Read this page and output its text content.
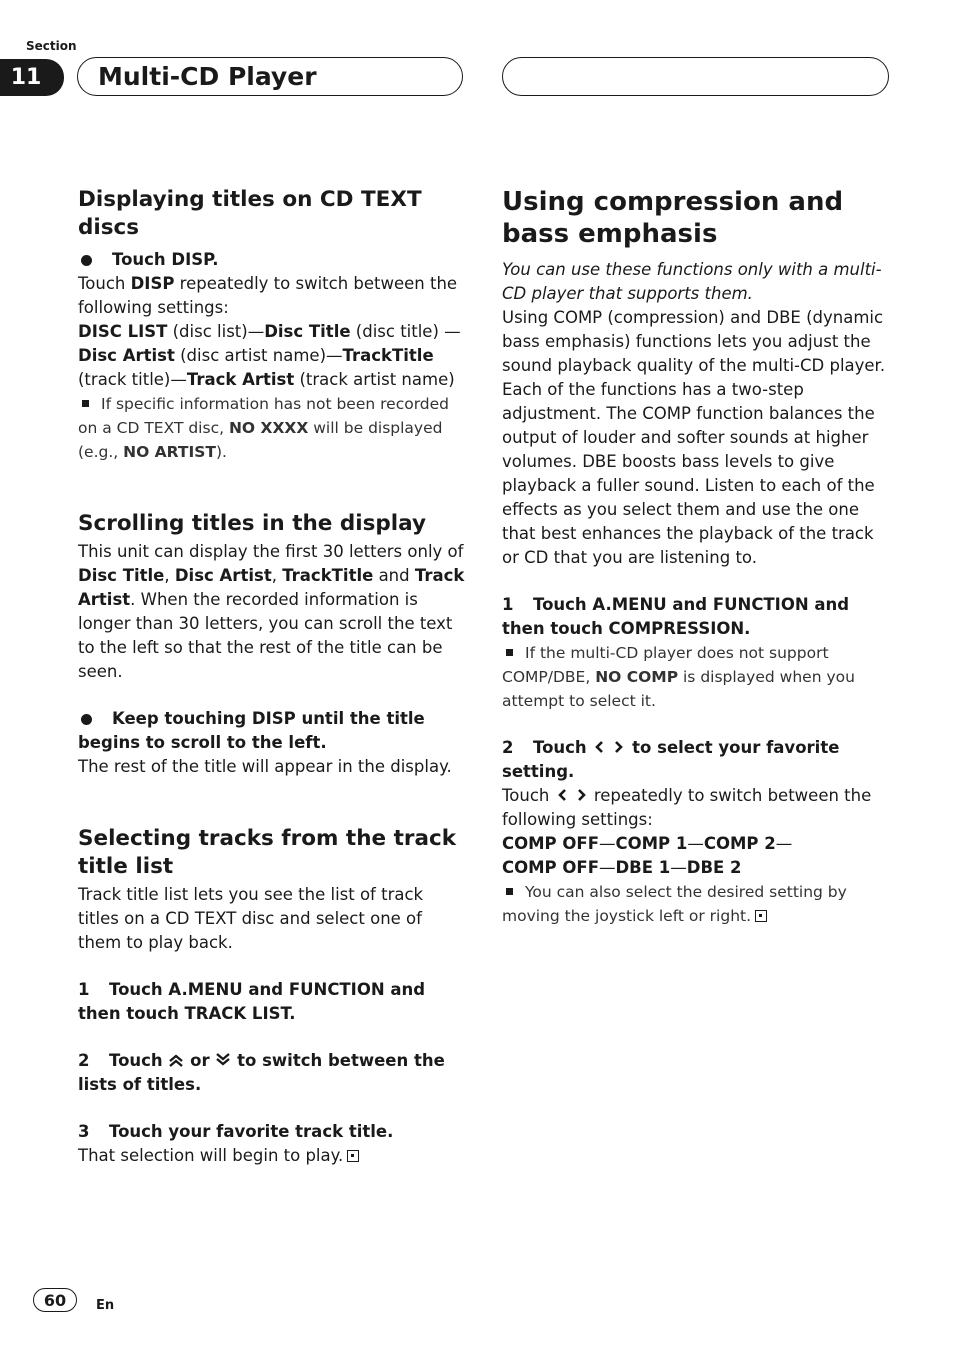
Section
11	Multi-CD Player
Displaying titles on CD TEXT discs

Touch DISP.

Touch DISP repeatedly to switch between the following settings:

DISC LIST (disc list)—Disc Title (disc title) —Disc Artist (disc artist name)—TrackTitle (track title)—Track Artist (track artist name)

If specific information has not been recorded on a CD TEXT disc, NO XXXX will be displayed (e.g., NO ARTIST).

Scrolling titles in the display

This unit can display the first 30 letters only of Disc Title, Disc Artist, TrackTitle and Track Artist. When the recorded information is longer than 30 letters, you can scroll the text to the left so that the rest of the title can be seen.

Keep touching DISP until the title begins to scroll to the left.

The rest of the title will appear in the display.

Selecting tracks from the track title list

Track title list lets you see the list of track titles on a CD TEXT disc and select one of them to play back.

1 Touch A.MENU and FUNCTION and then touch TRACK LIST.

2 Touch  or  to switch between the lists of titles.

3 Touch your favorite track title.

That selection will begin to play.

Using compression and bass emphasis

You can use these functions only with a multi-CD player that supports them.

Using COMP (compression) and DBE (dynamic bass emphasis) functions lets you adjust the sound playback quality of the multi-CD player. Each of the functions has a two-step adjustment. The COMP function balances the output of louder and softer sounds at higher volumes. DBE boosts bass levels to give playback a fuller sound. Listen to each of the effects as you select them and use the one that best enhances the playback of the track or CD that you are listening to.

1 Touch A.MENU and FUNCTION and then touch COMPRESSION.

If the multi-CD player does not support COMP/DBE, NO COMP is displayed when you attempt to select it.

2 Touch  to select your favorite setting.

Touch  repeatedly to switch between the following settings:

COMP OFF—COMP 1—COMP 2—

COMP OFF—DBE 1—DBE 2

You can also select the desired setting by moving the joystick left or right.

60	En
